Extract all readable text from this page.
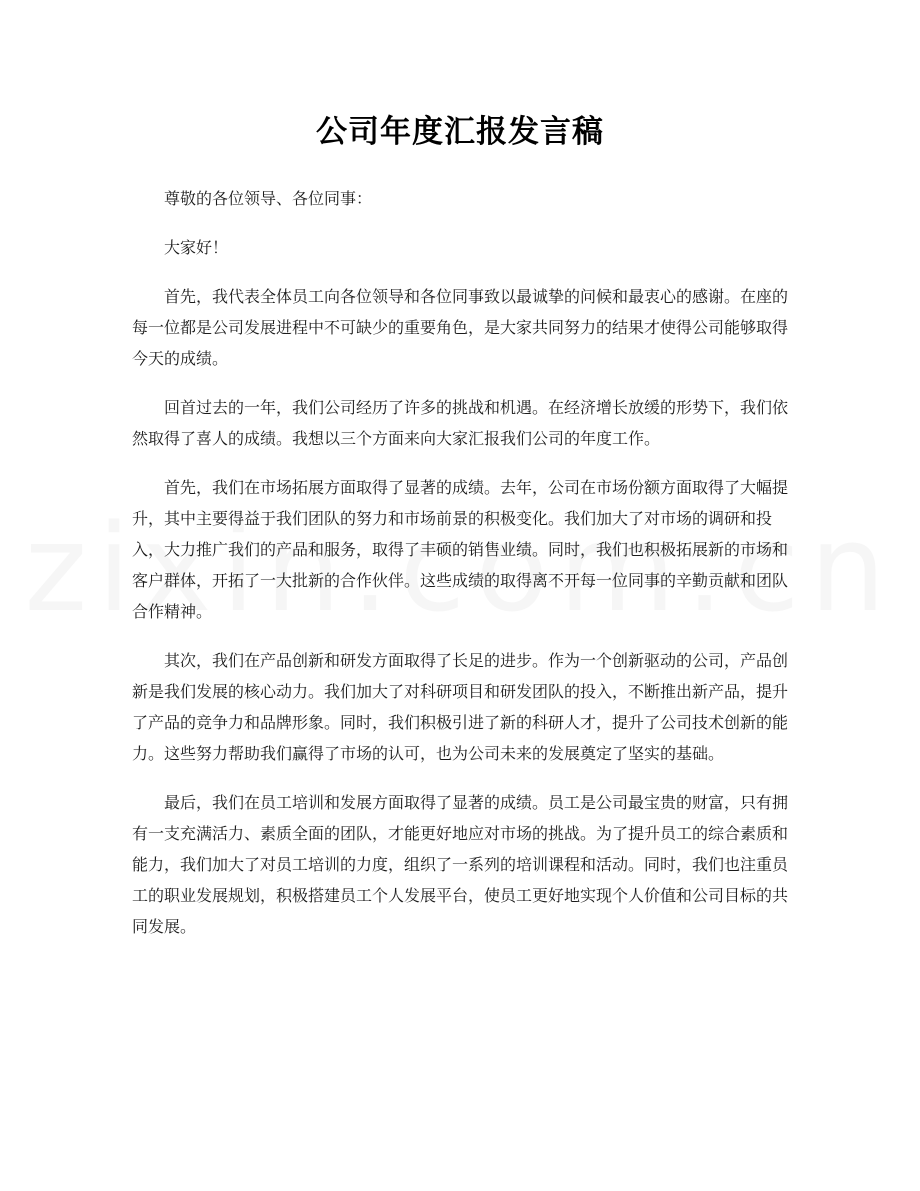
公司年度汇报发言稿

尊敬的各位领导、各位同事：

大家好！

首先，我代表全体员工向各位领导和各位同事致以最诚挚的问候和最衷心的感谢。在座的每一位都是公司发展进程中不可缺少的重要角色，是大家共同努力的结果才使得公司能够取得今天的成绩。

回首过去的一年，我们公司经历了许多的挑战和机遇。在经济增长放缓的形势下，我们依然取得了喜人的成绩。我想以三个方面来向大家汇报我们公司的年度工作。

首先，我们在市场拓展方面取得了显著的成绩。去年，公司在市场份额方面取得了大幅提升，其中主要得益于我们团队的努力和市场前景的积极变化。我们加大了对市场的调研和投入，大力推广我们的产品和服务，取得了丰硕的销售业绩。同时，我们也积极拓展新的市场和客户群体，开拓了一大批新的合作伙伴。这些成绩的取得离不开每一位同事的辛勤贡献和团队合作精神。

其次，我们在产品创新和研发方面取得了长足的进步。作为一个创新驱动的公司，产品创新是我们发展的核心动力。我们加大了对科研项目和研发团队的投入，不断推出新产品，提升了产品的竞争力和品牌形象。同时，我们积极引进了新的科研人才，提升了公司技术创新的能力。这些努力帮助我们赢得了市场的认可，也为公司未来的发展奠定了坚实的基础。

最后，我们在员工培训和发展方面取得了显著的成绩。员工是公司最宝贵的财富，只有拥有一支充满活力、素质全面的团队，才能更好地应对市场的挑战。为了提升员工的综合素质和能力，我们加大了对员工培训的力度，组织了一系列的培训课程和活动。同时，我们也注重员工的职业发展规划，积极搭建员工个人发展平台，使员工更好地实现个人价值和公司目标的共同发展。
